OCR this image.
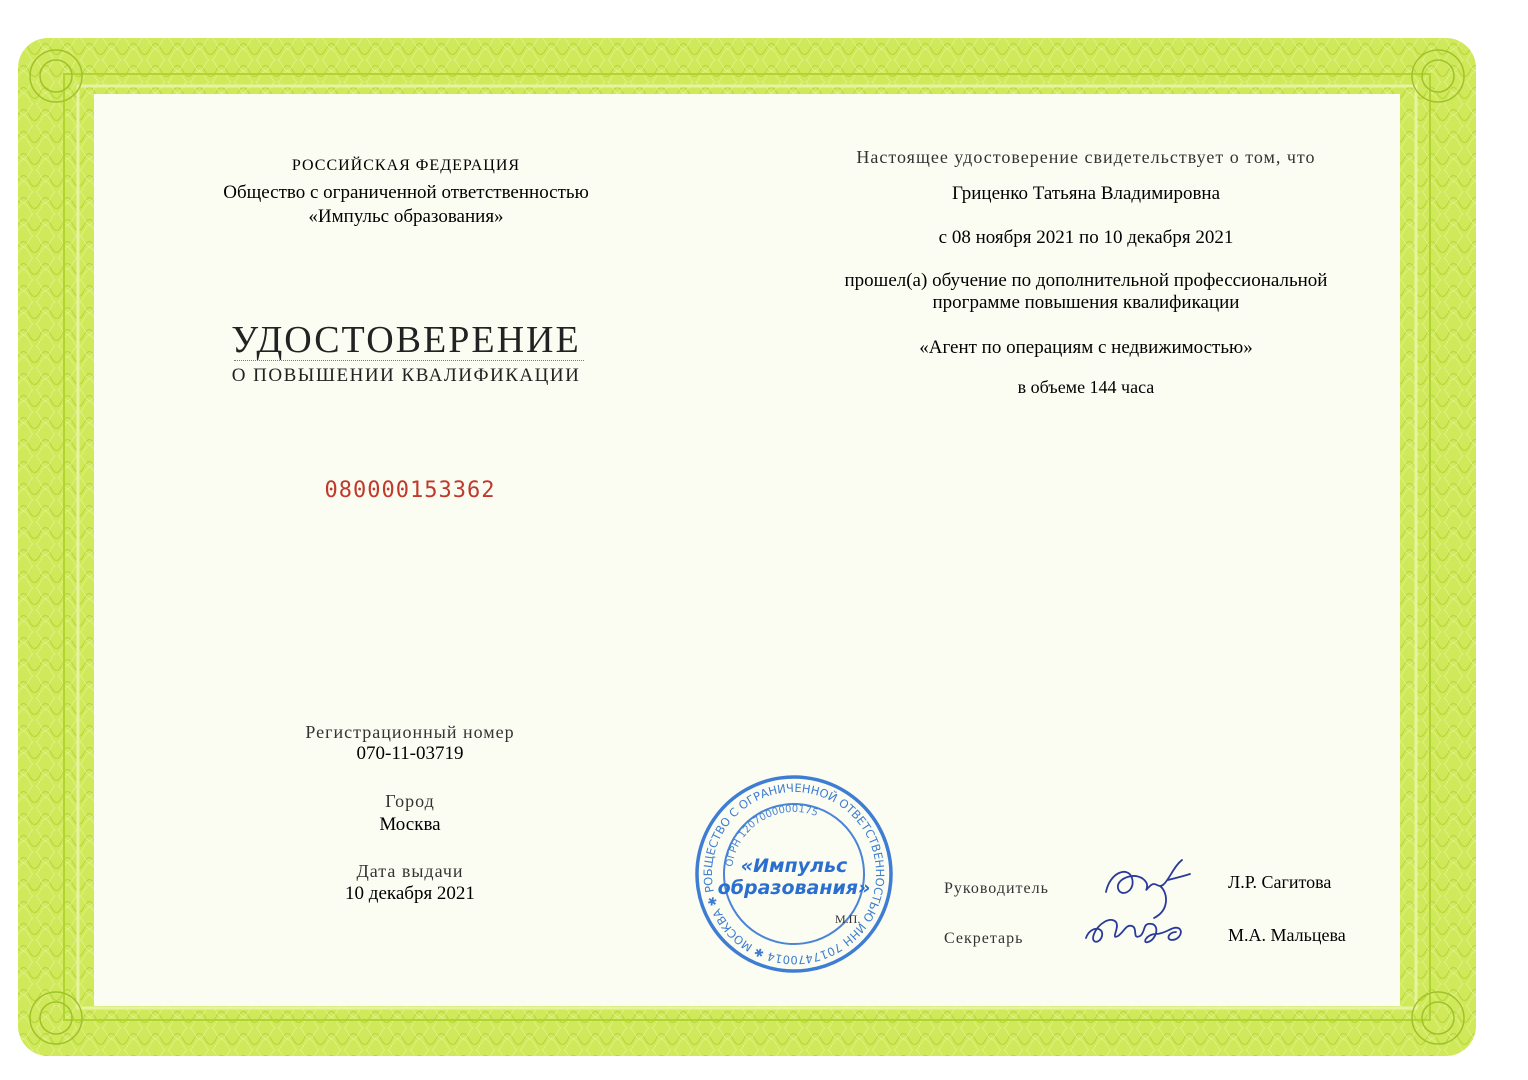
РОССИЙСКАЯ ФЕДЕРАЦИЯ
Общество с ограниченной ответственностью
«Импульс образования»
УДОСТОВЕРЕНИЕ
О ПОВЫШЕНИИ КВАЛИФИКАЦИИ
080000153362
Регистрационный номер
070-11-03719
Город
Москва
Дата выдачи
10 декабря 2021
Настоящее удостоверение свидетельствует о том, что
Гриценко Татьяна Владимировна
с 08 ноября 2021 по 10 декабря 2021
прошел(а) обучение по дополнительной профессиональной
программе повышения квалификации
«Агент по операциям с недвижимостью»
в объеме 144 часа
ОБЩЕСТВО С ОГРАНИЧЕННОЙ ОТВЕТСТВЕННОСТЬЮ ИНН 7017470014 ✱ МОСКВА ✱ РОССИЯ
ОГРН 1207000000175
«Импульс
образования»
М.П.
Руководитель	Л.Р. Сагитова
Секретарь	М.А. Мальцева
